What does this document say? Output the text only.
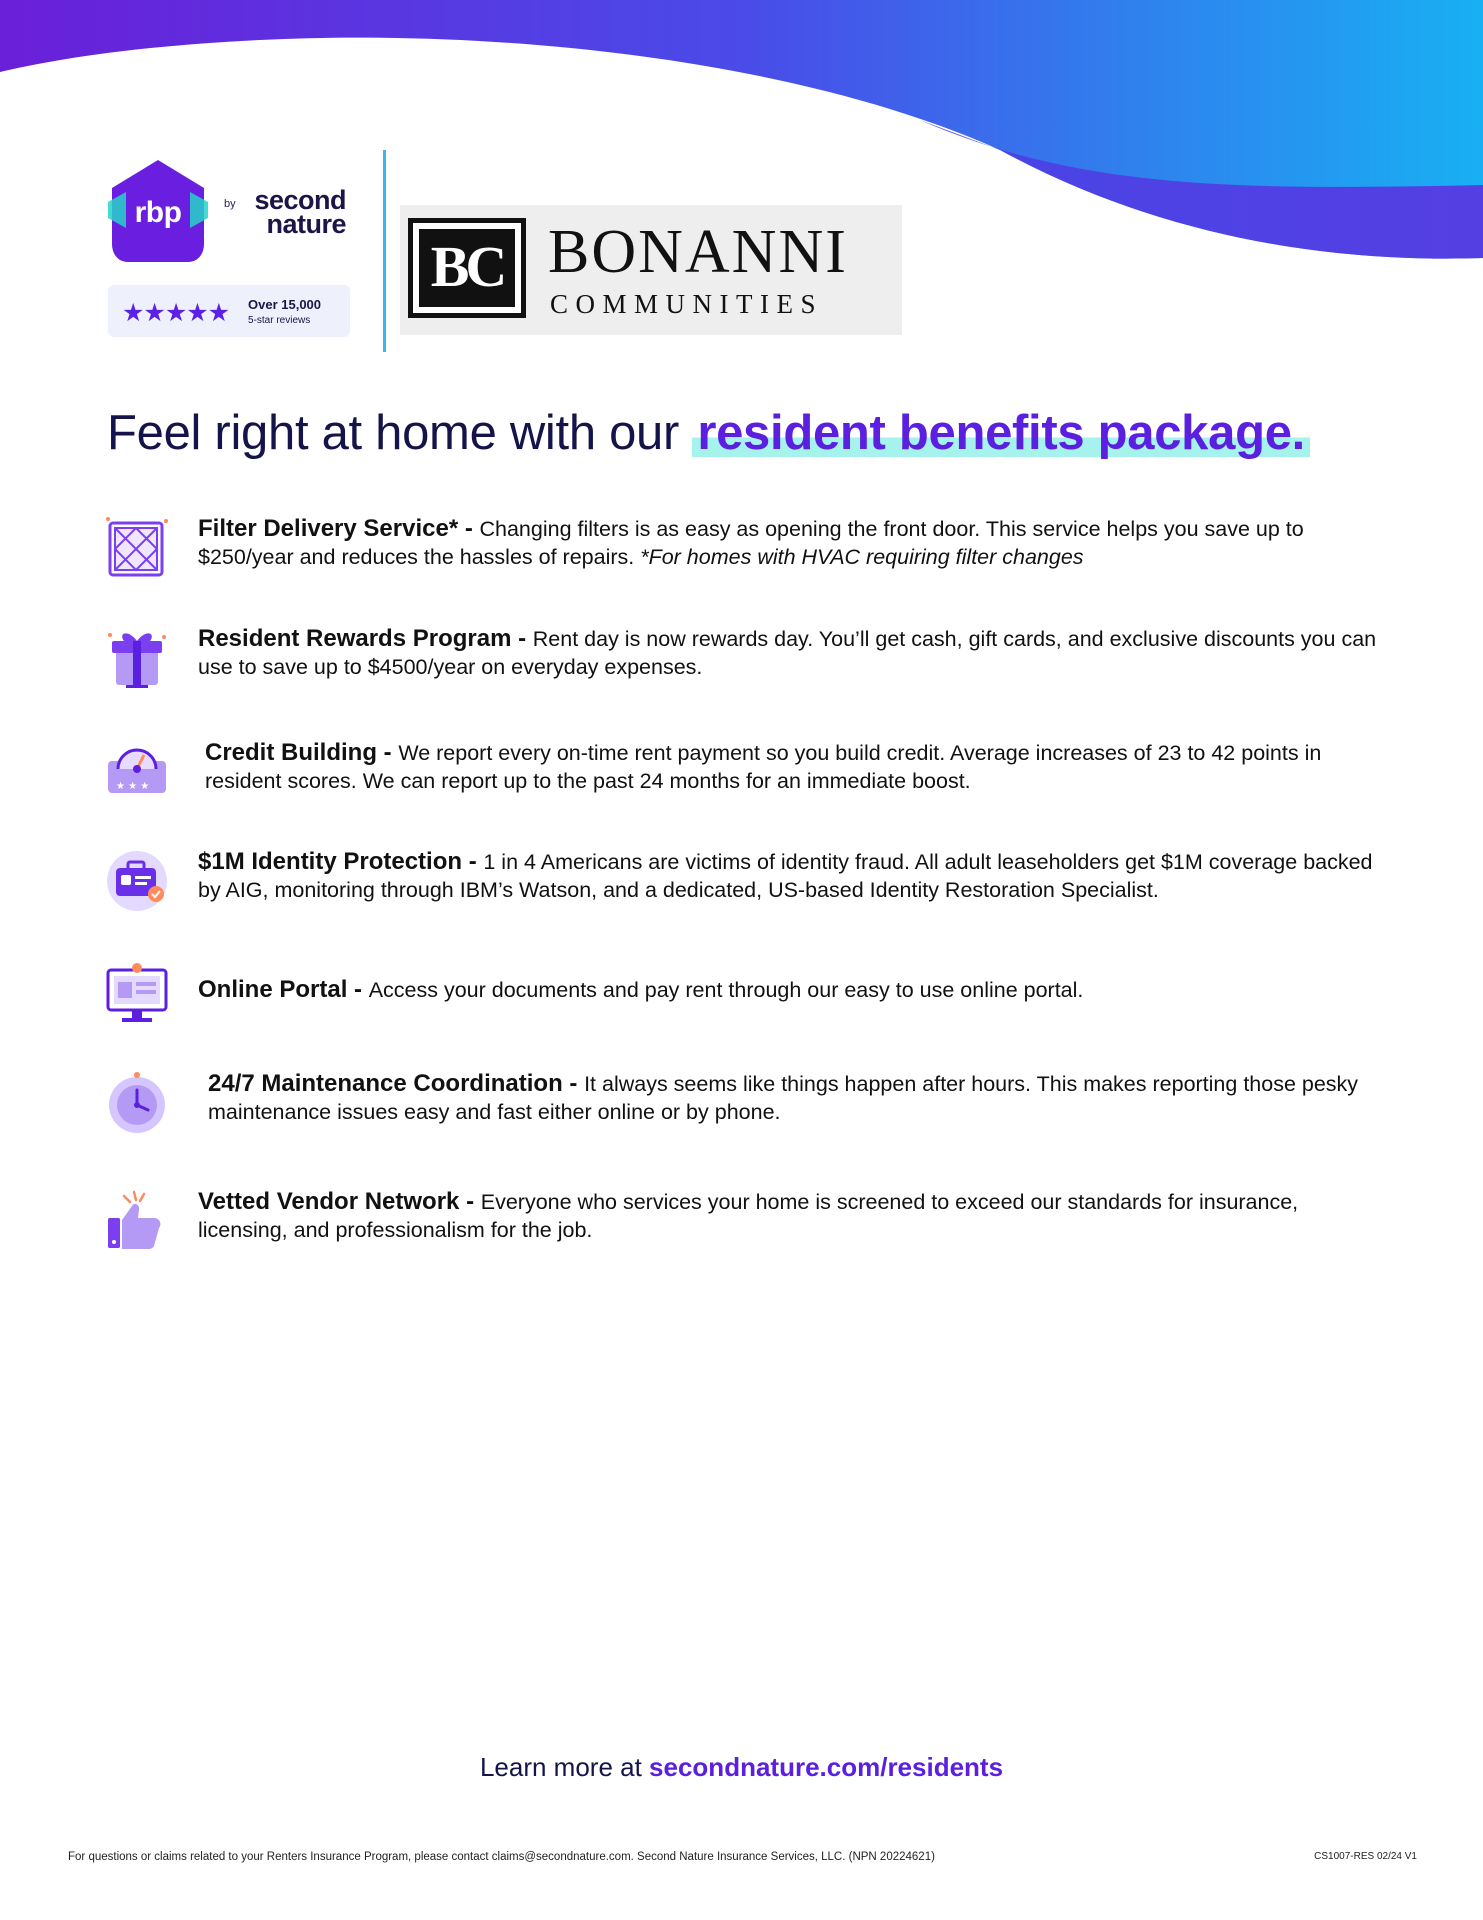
rbp	by second nature
★★★★★ Over 15,000
5-star reviews
BC BONANNI
COMMUNITIES
Feel right at home with our resident benefits package.
Filter Delivery Service* - Changing filters is as easy as opening the front door. This service helps you save up to $250/year and reduces the hassles of repairs. *For homes with HVAC requiring filter changes
Resident Rewards Program - Rent day is now rewards day. You’ll get cash, gift cards, and exclusive discounts you can use to save up to $4500/year on everyday expenses.
★ ★ ★
Credit Building - We report every on-time rent payment so you build credit. Average increases of 23 to 42 points in resident scores. We can report up to the past 24 months for an immediate boost.
$1M Identity Protection - 1 in 4 Americans are victims of identity fraud. All adult leaseholders get $1M coverage backed by AIG, monitoring through IBM’s Watson, and a dedicated, US-based Identity Restoration Specialist.
Online Portal - Access your documents and pay rent through our easy to use online portal.
24/7 Maintenance Coordination - It always seems like things happen after hours. This makes reporting those pesky maintenance issues easy and fast either online or by phone.
Vetted Vendor Network - Everyone who services your home is screened to exceed our standards for insurance, licensing, and professionalism for the job.
Learn more at secondnature.com/residents
For questions or claims related to your Renters Insurance Program, please contact claims@secondnature.com. Second Nature Insurance Services, LLC. (NPN 20224621)	CS1007-RES 02/24 V1
